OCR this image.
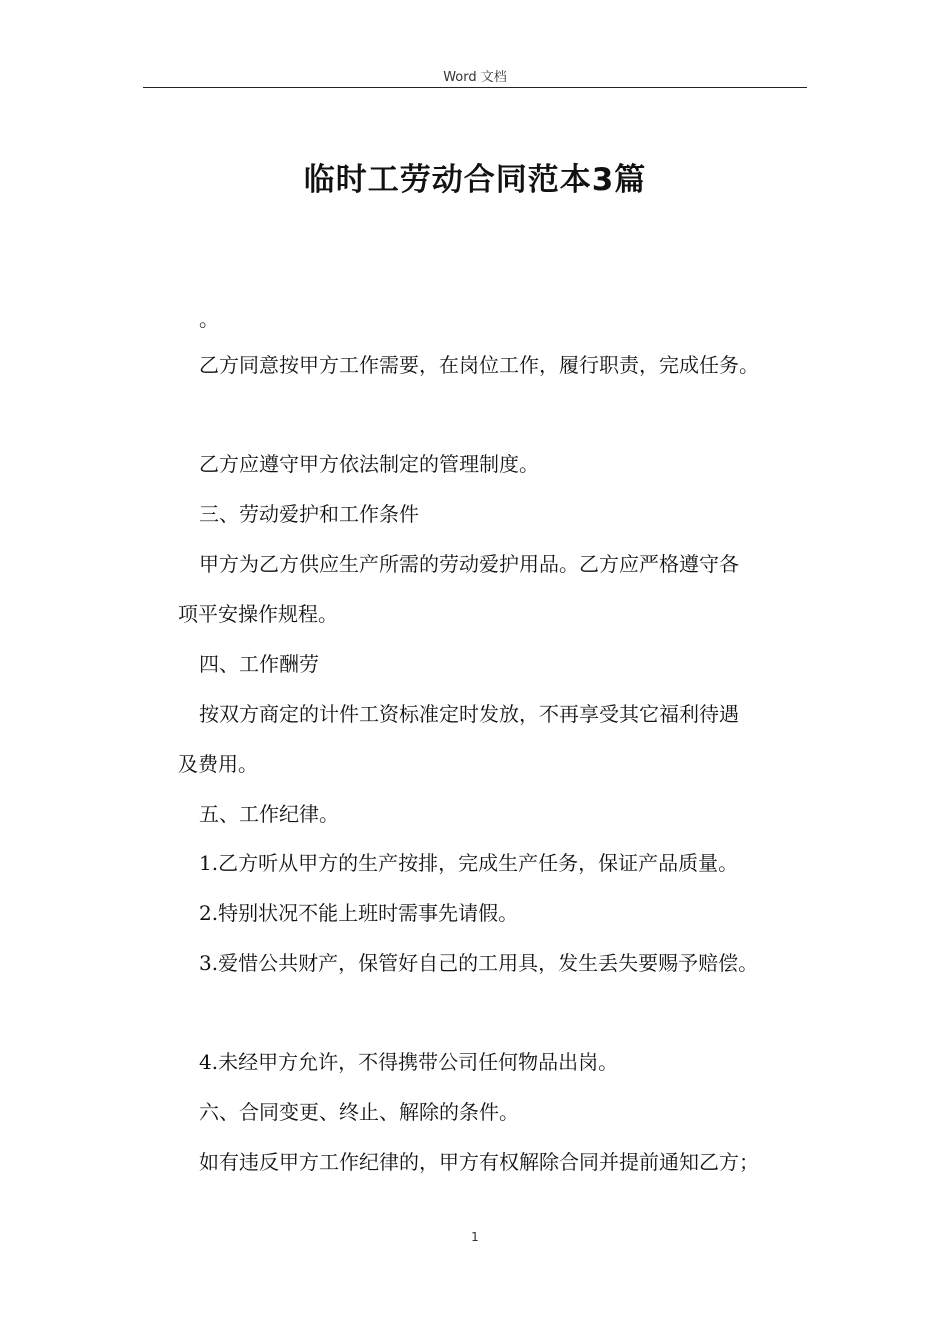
Word 文档
临时工劳动合同范本3篇

。

乙方同意按甲方工作需要，在岗位工作，履行职责，完成任务。

乙方应遵守甲方依法制定的管理制度。

三、劳动爱护和工作条件

甲方为乙方供应生产所需的劳动爱护用品。乙方应严格遵守各

项平安操作规程。

四、工作酬劳

按双方商定的计件工资标准定时发放，不再享受其它福利待遇

及费用。

五、工作纪律。

1.乙方听从甲方的生产按排，完成生产任务，保证产品质量。

2.特别状况不能上班时需事先请假。

3.爱惜公共财产，保管好自己的工用具，发生丢失要赐予赔偿。

4.未经甲方允许，不得携带公司任何物品出岗。

六、合同变更、终止、解除的条件。

如有违反甲方工作纪律的，甲方有权解除合同并提前通知乙方；

1
